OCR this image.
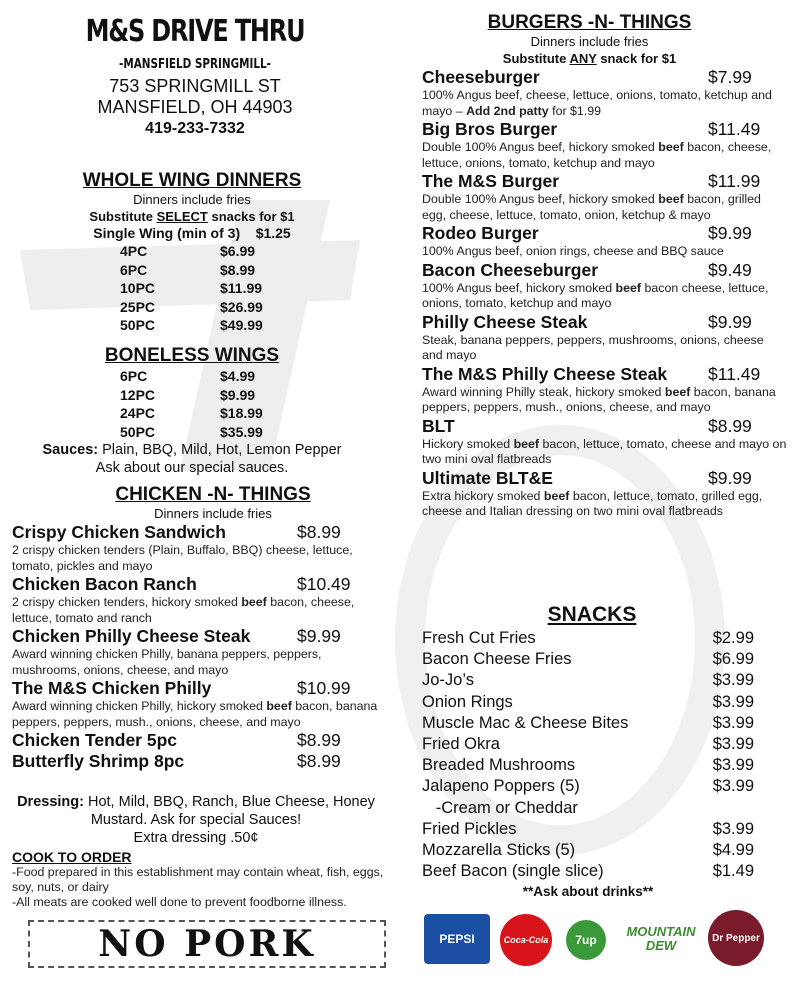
M&S DRIVE THRU
-MANSFIELD SPRINGMILL-
753 SPRINGMILL ST
MANSFIELD, OH 44903
419-233-7332
WHOLE WING DINNERS
Dinners include fries
Substitute SELECT snacks for $1
Single Wing (min of 3) $1.25
4PC	$6.99
6PC	$8.99
10PC	$11.99
25PC	$26.99
50PC	$49.99
BONELESS WINGS
6PC	$4.99
12PC	$9.99
24PC	$18.99
50PC	$35.99
Sauces: Plain, BBQ, Mild, Hot, Lemon Pepper
Ask about our special sauces.
CHICKEN -N- THINGS
Dinners include fries
Crispy Chicken Sandwich	$8.99
2 crispy chicken tenders (Plain, Buffalo, BBQ) cheese, lettuce, tomato, pickles and mayo
Chicken Bacon Ranch	$10.49
2 crispy chicken tenders, hickory smoked beef bacon, cheese, lettuce, tomato and ranch
Chicken Philly Cheese Steak	$9.99
Award winning chicken Philly, banana peppers, peppers, mushrooms, onions, cheese, and mayo
The M&S Chicken Philly	$10.99
Award winning chicken Philly, hickory smoked beef bacon, banana peppers, peppers, mush., onions, cheese, and mayo
Chicken Tender 5pc	$8.99
Butterfly Shrimp 8pc	$8.99
Dressing: Hot, Mild, BBQ, Ranch, Blue Cheese, Honey Mustard. Ask for special Sauces!
Extra dressing .50¢
COOK TO ORDER
-Food prepared in this establishment may contain wheat, fish, eggs, soy, nuts, or dairy
-All meats are cooked well done to prevent foodborne illness.
NO PORK
BURGERS -N- THINGS
Dinners include fries
Substitute ANY snack for $1
Cheeseburger	$7.99
100% Angus beef, cheese, lettuce, onions, tomato, ketchup and mayo – Add 2nd patty for $1.99
Big Bros Burger	$11.49
Double 100% Angus beef, hickory smoked beef bacon, cheese, lettuce, onions, tomato, ketchup and mayo
The M&S Burger	$11.99
Double 100% Angus beef, hickory smoked beef bacon, grilled egg, cheese, lettuce, tomato, onion, ketchup & mayo
Rodeo Burger	$9.99
100% Angus beef, onion rings, cheese and BBQ sauce
Bacon Cheeseburger	$9.49
100% Angus beef, hickory smoked beef bacon cheese, lettuce, onions, tomato, ketchup and mayo
Philly Cheese Steak	$9.99
Steak, banana peppers, peppers, mushrooms, onions, cheese and mayo
The M&S Philly Cheese Steak	$11.49
Award winning Philly steak, hickory smoked beef bacon, banana peppers, peppers, mush., onions, cheese, and mayo
BLT	$8.99
Hickory smoked beef bacon, lettuce, tomato, cheese and mayo on two mini oval flatbreads
Ultimate BLT&E	$9.99
Extra hickory smoked beef bacon, lettuce, tomato, grilled egg, cheese and Italian dressing on two mini oval flatbreads
SNACKS
Fresh Cut Fries	$2.99
Bacon Cheese Fries	$6.99
Jo-Jo’s	$3.99
Onion Rings	$3.99
Muscle Mac & Cheese Bites	$3.99
Fried Okra	$3.99
Breaded Mushrooms	$3.99
Jalapeno Poppers (5)	$3.99
-Cream or Cheddar
Fried Pickles	$3.99
Mozzarella Sticks (5)	$4.99
Beef Bacon (single slice)	$1.49
**Ask about drinks**
PEPSI	Coca-Cola	7up
MOUNTAIN DEW	Dr Pepper
